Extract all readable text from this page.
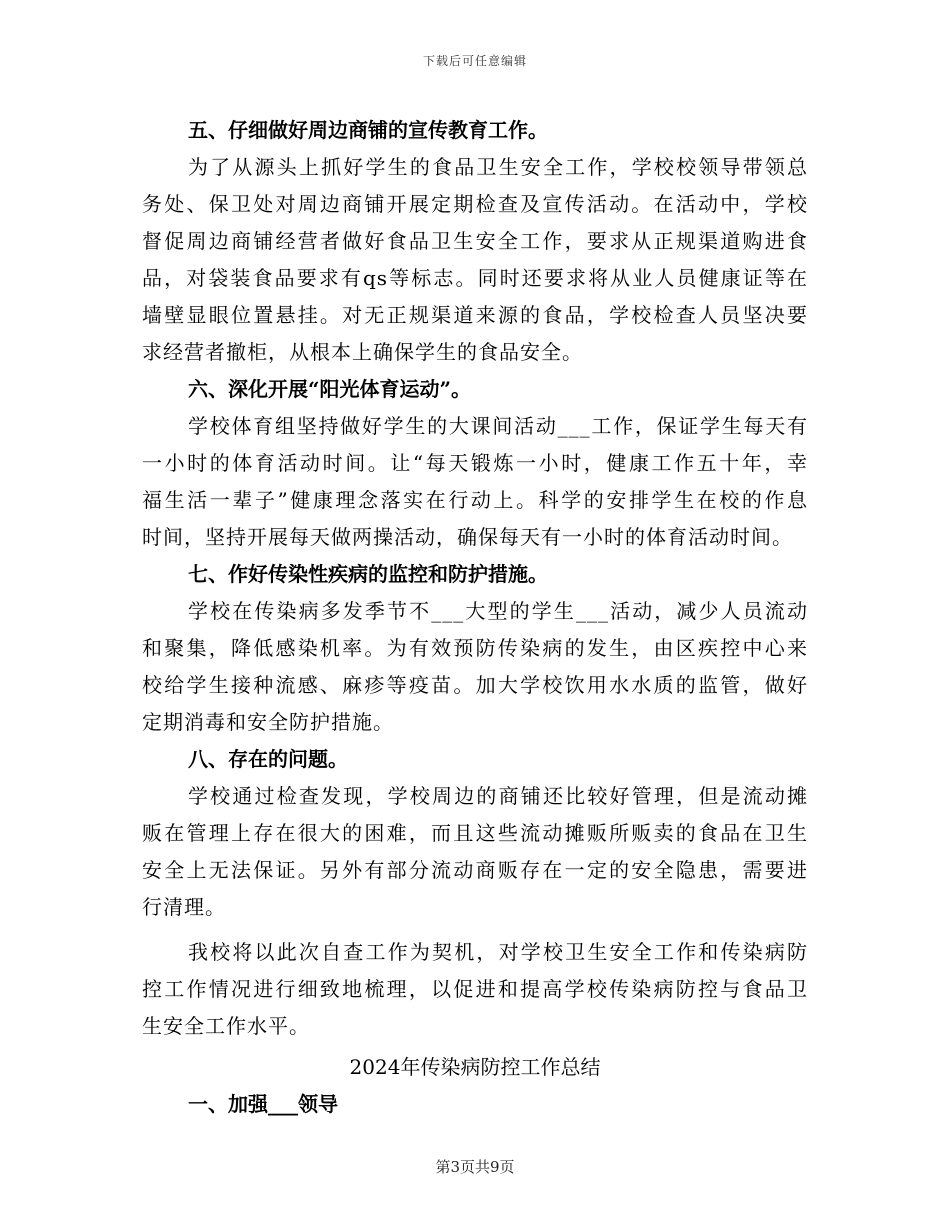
下载后可任意编辑
五、仔细做好周边商铺的宣传教育工作。
为了从源头上抓好学生的食品卫生安全工作，学校校领导带领总
务处、保卫处对周边商铺开展定期检查及宣传活动。在活动中，学校
督促周边商铺经营者做好食品卫生安全工作，要求从正规渠道购进食
品，对袋装食品要求有qs等标志。同时还要求将从业人员健康证等在
墙壁显眼位置悬挂。对无正规渠道来源的食品，学校检查人员坚决要
求经营者撤柜，从根本上确保学生的食品安全。
六、深化开展“阳光体育运动”。
学校体育组坚持做好学生的大课间活动___工作，保证学生每天有
一小时的体育活动时间。让“每天锻炼一小时，健康工作五十年，幸
福生活一辈子”健康理念落实在行动上。科学的安排学生在校的作息
时间，坚持开展每天做两操活动，确保每天有一小时的体育活动时间。
七、作好传染性疾病的监控和防护措施。
学校在传染病多发季节不___大型的学生___活动，减少人员流动
和聚集，降低感染机率。为有效预防传染病的发生，由区疾控中心来
校给学生接种流感、麻疹等疫苗。加大学校饮用水水质的监管，做好
定期消毒和安全防护措施。
八、存在的问题。
学校通过检查发现，学校周边的商铺还比较好管理，但是流动摊
贩在管理上存在很大的困难，而且这些流动摊贩所贩卖的食品在卫生
安全上无法保证。另外有部分流动商贩存在一定的安全隐患，需要进
行清理。
我校将以此次自查工作为契机，对学校卫生安全工作和传染病防
控工作情况进行细致地梳理，以促进和提高学校传染病防控与食品卫
生安全工作水平。
2024年传染病防控工作总结
一、加强___领导
第3页共9页
